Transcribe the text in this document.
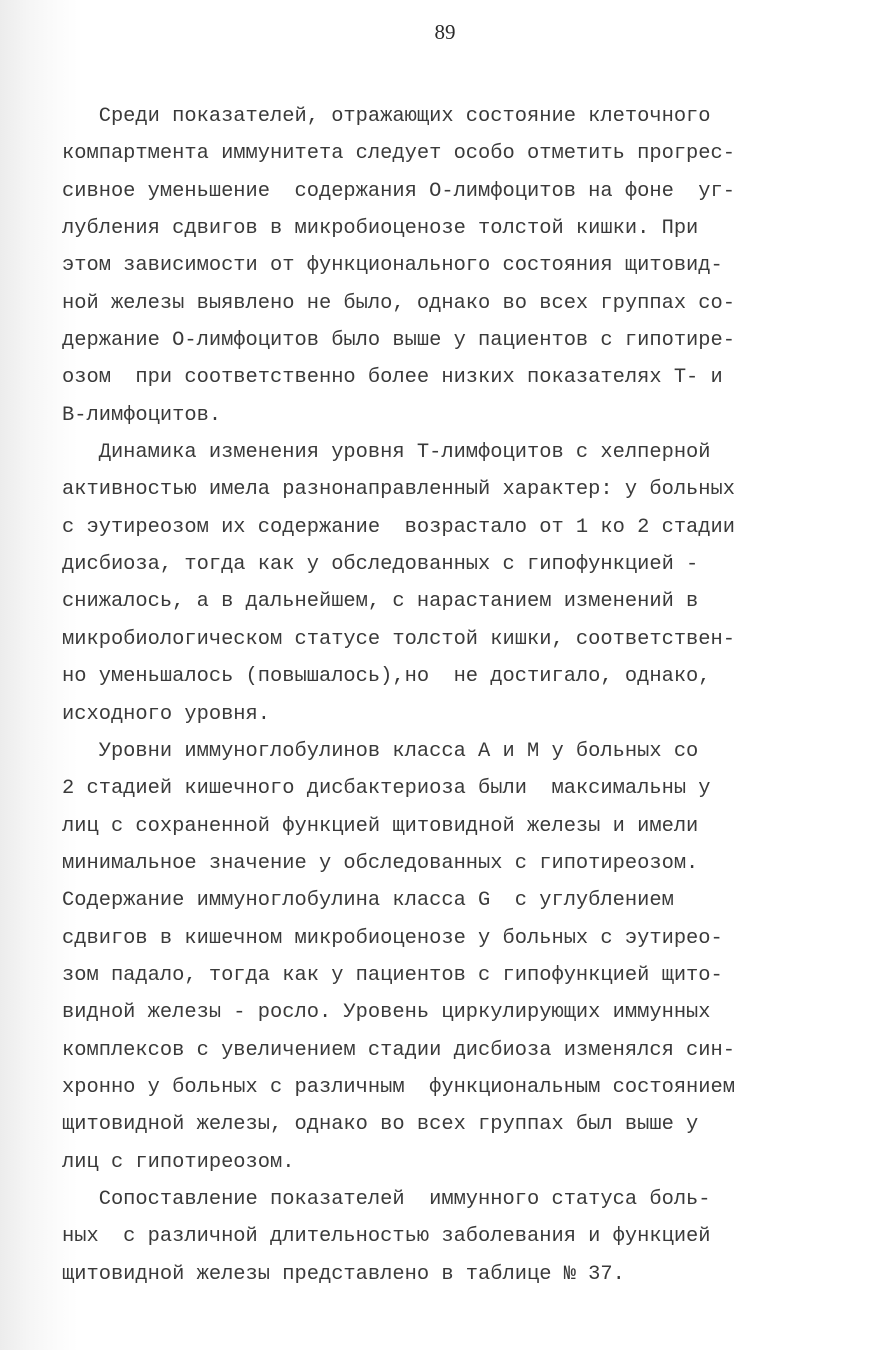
89
Среди показателей, отражающих состояние клеточного
компартмента иммунитета следует особо отметить прогрес-
сивное уменьшение  содержания О-лимфоцитов на фоне  уг-
лубления сдвигов в микробиоценозе толстой кишки. При
этом зависимости от функционального состояния щитовид-
ной железы выявлено не было, однако во всех группах со-
держание О-лимфоцитов было выше у пациентов с гипотире-
озом  при соответственно более низких показателях Т- и
В-лимфоцитов.
Динамика изменения уровня Т-лимфоцитов с хелперной
активностью имела разнонаправленный характер: у больных
с эутиреозом их содержание  возрастало от 1 ко 2 стадии
дисбиоза, тогда как у обследованных с гипофункцией -
снижалось, а в дальнейшем, с нарастанием изменений в
микробиологическом статусе толстой кишки, соответствен-
но уменьшалось (повышалось),но  не достигало, однако,
исходного уровня.
Уровни иммуноглобулинов класса А и М у больных со
2 стадией кишечного дисбактериоза были  максимальны у
лиц с сохраненной функцией щитовидной железы и имели
минимальное значение у обследованных с гипотиреозом.
Содержание иммуноглобулина класса G  с углублением
сдвигов в кишечном микробиоценозе у больных с эутирео-
зом падало, тогда как у пациентов с гипофункцией щито-
видной железы - росло. Уровень циркулирующих иммунных
комплексов с увеличением стадии дисбиоза изменялся син-
хронно у больных с различным  функциональным состоянием
щитовидной железы, однако во всех группах был выше у
лиц с гипотиреозом.
Сопоставление показателей  иммунного статуса боль-
ных  с различной длительностью заболевания и функцией
щитовидной железы представлено в таблице № 37.
